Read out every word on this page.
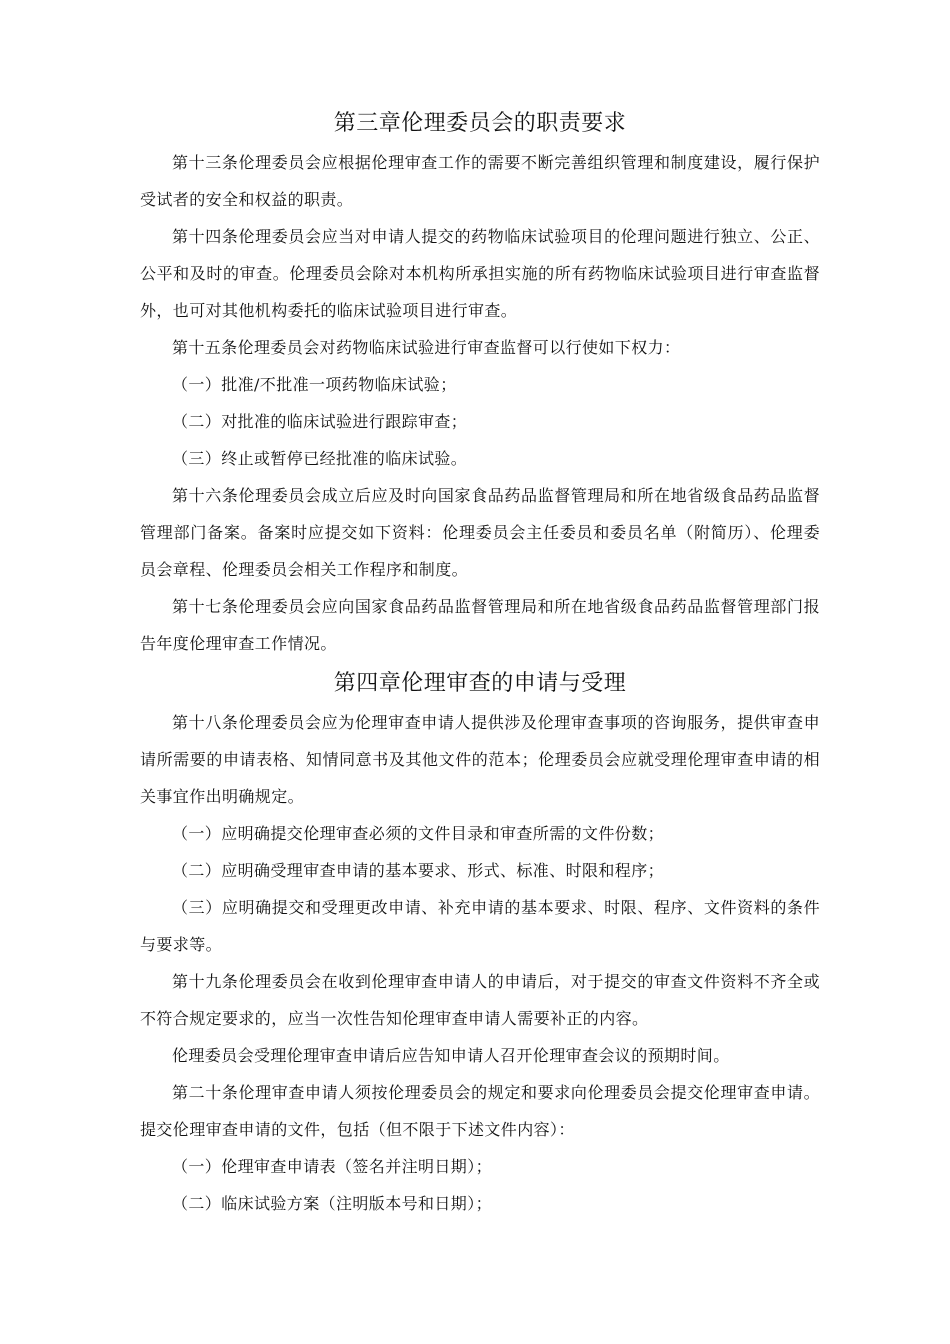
第三章伦理委员会的职责要求

第十三条伦理委员会应根据伦理审查工作的需要不断完善组织管理和制度建设，履行保护受试者的安全和权益的职责。

第十四条伦理委员会应当对申请人提交的药物临床试验项目的伦理问题进行独立、公正、公平和及时的审查。伦理委员会除对本机构所承担实施的所有药物临床试验项目进行审查监督外，也可对其他机构委托的临床试验项目进行审查。

第十五条伦理委员会对药物临床试验进行审查监督可以行使如下权力：

（一）批准/不批准一项药物临床试验；

（二）对批准的临床试验进行跟踪审查；

（三）终止或暂停已经批准的临床试验。

第十六条伦理委员会成立后应及时向国家食品药品监督管理局和所在地省级食品药品监督管理部门备案。备案时应提交如下资料：伦理委员会主任委员和委员名单（附简历）、伦理委员会章程、伦理委员会相关工作程序和制度。

第十七条伦理委员会应向国家食品药品监督管理局和所在地省级食品药品监督管理部门报告年度伦理审查工作情况。

第四章伦理审查的申请与受理

第十八条伦理委员会应为伦理审查申请人提供涉及伦理审查事项的咨询服务，提供审查申请所需要的申请表格、知情同意书及其他文件的范本；伦理委员会应就受理伦理审查申请的相关事宜作出明确规定。

（一）应明确提交伦理审查必须的文件目录和审查所需的文件份数；

（二）应明确受理审查申请的基本要求、形式、标准、时限和程序；

（三）应明确提交和受理更改申请、补充申请的基本要求、时限、程序、文件资料的条件与要求等。

第十九条伦理委员会在收到伦理审查申请人的申请后，对于提交的审查文件资料不齐全或不符合规定要求的，应当一次性告知伦理审查申请人需要补正的内容。

伦理委员会受理伦理审查申请后应告知申请人召开伦理审查会议的预期时间。

第二十条伦理审查申请人须按伦理委员会的规定和要求向伦理委员会提交伦理审查申请。提交伦理审查申请的文件，包括（但不限于下述文件内容）：

（一）伦理审查申请表（签名并注明日期）；

（二）临床试验方案（注明版本号和日期）；
